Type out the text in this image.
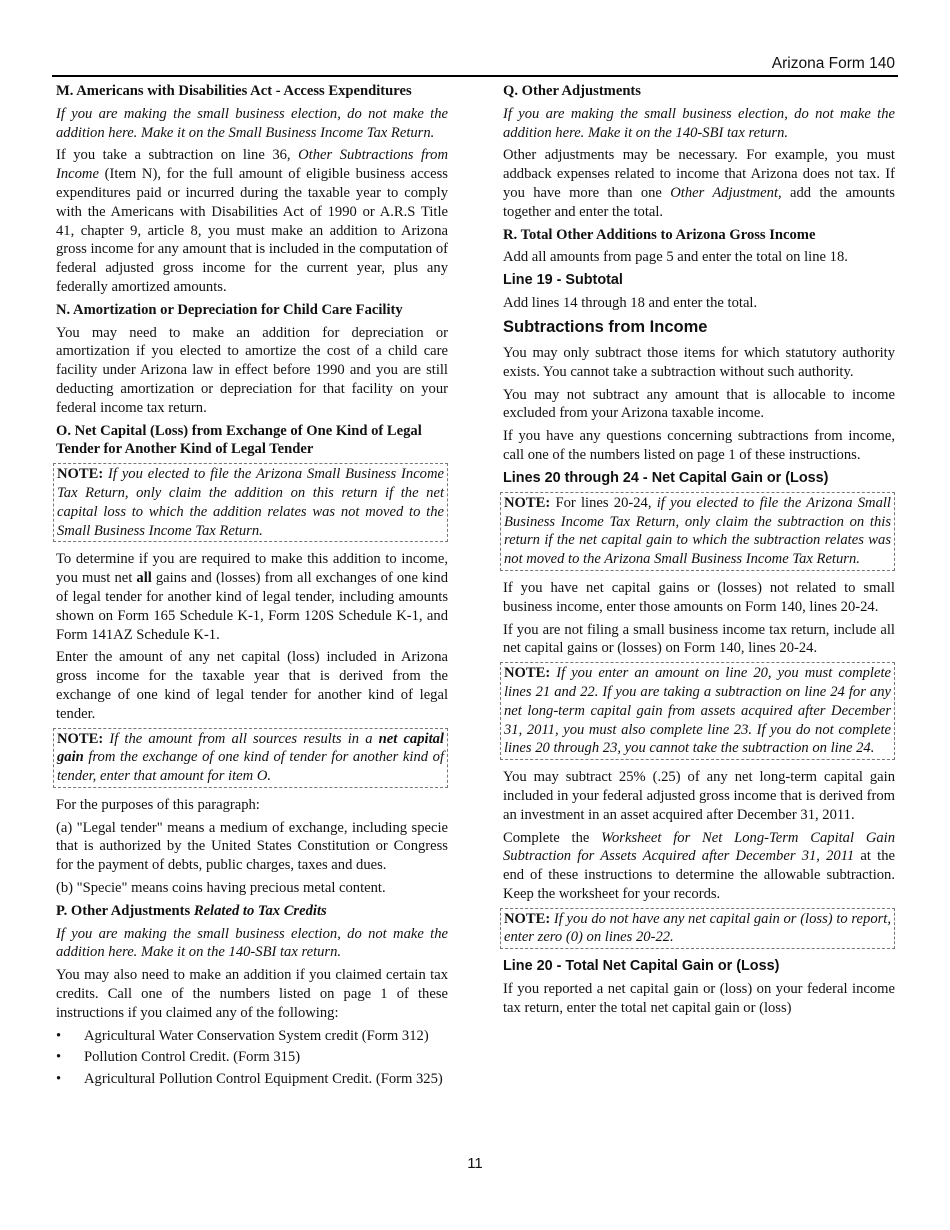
Arizona Form 140
M. Americans with Disabilities Act - Access Expenditures

If you are making the small business election, do not make the addition here. Make it on the Small Business Income Tax Return.

If you take a subtraction on line 36, Other Subtractions from Income (Item N), for the full amount of eligible business access expenditures paid or incurred during the taxable year to comply with the Americans with Disabilities Act of 1990 or A.R.S Title 41, chapter 9, article 8, you must make an addition to Arizona gross income for any amount that is included in the computation of federal adjusted gross income for the current year, plus any federally amortized amounts.

N. Amortization or Depreciation for Child Care Facility

You may need to make an addition for depreciation or amortization if you elected to amortize the cost of a child care facility under Arizona law in effect before 1990 and you are still deducting amortization or depreciation for that facility on your federal income tax return.

O. Net Capital (Loss) from Exchange of One Kind of Legal Tender for Another Kind of Legal Tender

NOTE: If you elected to file the Arizona Small Business Income Tax Return, only claim the addition on this return if the net capital loss to which the addition relates was not moved to the Small Business Income Tax Return.

To determine if you are required to make this addition to income, you must net all gains and (losses) from all exchanges of one kind of legal tender for another kind of legal tender, including amounts shown on Form 165 Schedule K-1, Form 120S Schedule K-1, and Form 141AZ Schedule K-1.

Enter the amount of any net capital (loss) included in Arizona gross income for the taxable year that is derived from the exchange of one kind of legal tender for another kind of legal tender.

NOTE: If the amount from all sources results in a net capital gain from the exchange of one kind of tender for another kind of tender, enter that amount for item O.

For the purposes of this paragraph:

(a) "Legal tender" means a medium of exchange, including specie that is authorized by the United States Constitution or Congress for the payment of debts, public charges, taxes and dues.

(b) "Specie" means coins having precious metal content.

P. Other Adjustments Related to Tax Credits

If you are making the small business election, do not make the addition here. Make it on the 140-SBI tax return.

You may also need to make an addition if you claimed certain tax credits. Call one of the numbers listed on page 1 of these instructions if you claimed any of the following:

• Agricultural Water Conservation System credit (Form 312)
• Pollution Control Credit. (Form 315)
• Agricultural Pollution Control Equipment Credit. (Form 325)
Q. Other Adjustments

If you are making the small business election, do not make the addition here. Make it on the 140-SBI tax return.

Other adjustments may be necessary. For example, you must addback expenses related to income that Arizona does not tax. If you have more than one Other Adjustment, add the amounts together and enter the total.

R. Total Other Additions to Arizona Gross Income

Add all amounts from page 5 and enter the total on line 18.

Line 19 - Subtotal

Add lines 14 through 18 and enter the total.

Subtractions from Income

You may only subtract those items for which statutory authority exists. You cannot take a subtraction without such authority.

You may not subtract any amount that is allocable to income excluded from your Arizona taxable income.

If you have any questions concerning subtractions from income, call one of the numbers listed on page 1 of these instructions.

Lines 20 through 24 - Net Capital Gain or (Loss)

NOTE: For lines 20-24, if you elected to file the Arizona Small Business Income Tax Return, only claim the subtraction on this return if the net capital gain to which the subtraction relates was not moved to the Arizona Small Business Income Tax Return.

If you have net capital gains or (losses) not related to small business income, enter those amounts on Form 140, lines 20-24.

If you are not filing a small business income tax return, include all net capital gains or (losses) on Form 140, lines 20-24.

NOTE: If you enter an amount on line 20, you must complete lines 21 and 22. If you are taking a subtraction on line 24 for any net long-term capital gain from assets acquired after December 31, 2011, you must also complete line 23. If you do not complete lines 20 through 23, you cannot take the subtraction on line 24.

You may subtract 25% (.25) of any net long-term capital gain included in your federal adjusted gross income that is derived from an investment in an asset acquired after December 31, 2011.

Complete the Worksheet for Net Long-Term Capital Gain Subtraction for Assets Acquired after December 31, 2011 at the end of these instructions to determine the allowable subtraction. Keep the worksheet for your records.

NOTE: If you do not have any net capital gain or (loss) to report, enter zero (0) on lines 20-22.

Line 20 - Total Net Capital Gain or (Loss)

If you reported a net capital gain or (loss) on your federal income tax return, enter the total net capital gain or (loss)

11
